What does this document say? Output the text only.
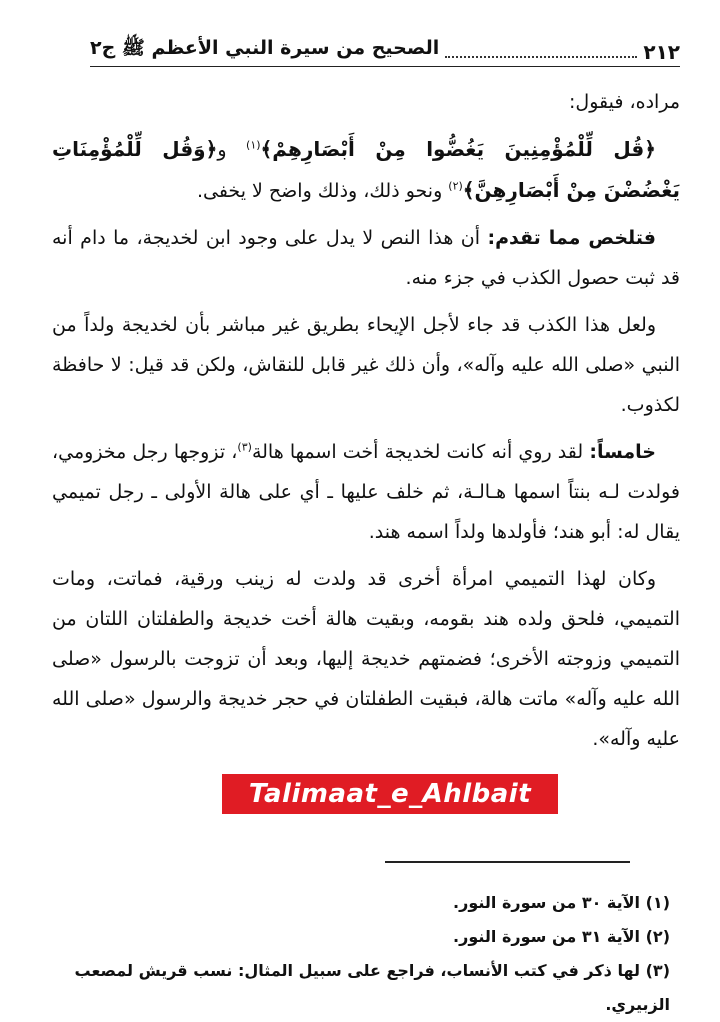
٢١٢
الصحيح من سيرة النبي الأعظم ﷺ ج٢

مراده، فيقول:

﴿قُل لِّلْمُؤْمِنِينَ يَغُضُّوا مِنْ أَبْصَارِهِمْ﴾$^{(١)}$ و﴿وَقُل لِّلْمُؤْمِنَاتِ يَغْضُضْنَ مِنْ أَبْصَارِهِنَّ﴾$^{(٢)}$ ونحو ذلك، وذلك واضح لا يخفى.

فتلخص مما تقدم: أن هذا النص لا يدل على وجود ابن لخديجة، ما دام أنه قد ثبت حصول الكذب في جزء منه.

ولعل هذا الكذب قد جاء لأجل الإيحاء بطريق غير مباشر بأن لخديجة ولداً من النبي «صلى الله عليه وآله»، وأن ذلك غير قابل للنقاش، ولكن قد قيل: لا حافظة لكذوب.

خامساً: لقد روي أنه كانت لخديجة أخت اسمها هالة$^{(٣)}$، تزوجها رجل مخزومي، فولدت لـه بنتاً اسمها هـالـة، ثم خلف عليها ـ أي على هالة الأولى ـ رجل تميمي يقال له: أبو هند؛ فأولدها ولداً اسمه هند.

وكان لهذا التميمي امرأة أخرى قد ولدت له زينب ورقية، فماتت، ومات التميمي، فلحق ولده هند بقومه، وبقيت هالة أخت خديجة والطفلتان اللتان من التميمي وزوجته الأخرى؛ فضمتهم خديجة إليها، وبعد أن تزوجت بالرسول «صلى الله عليه وآله» ماتت هالة، فبقيت الطفلتان في حجر خديجة والرسول «صلى الله عليه وآله».

Talimaat_e_Ahlbait

(١) الآية ٣٠ من سورة النور.

(٢) الآية ٣١ من سورة النور.

(٣) لها ذكر في كتب الأنساب، فراجع على سبيل المثال: نسب قريش لمصعب الزبيري.
